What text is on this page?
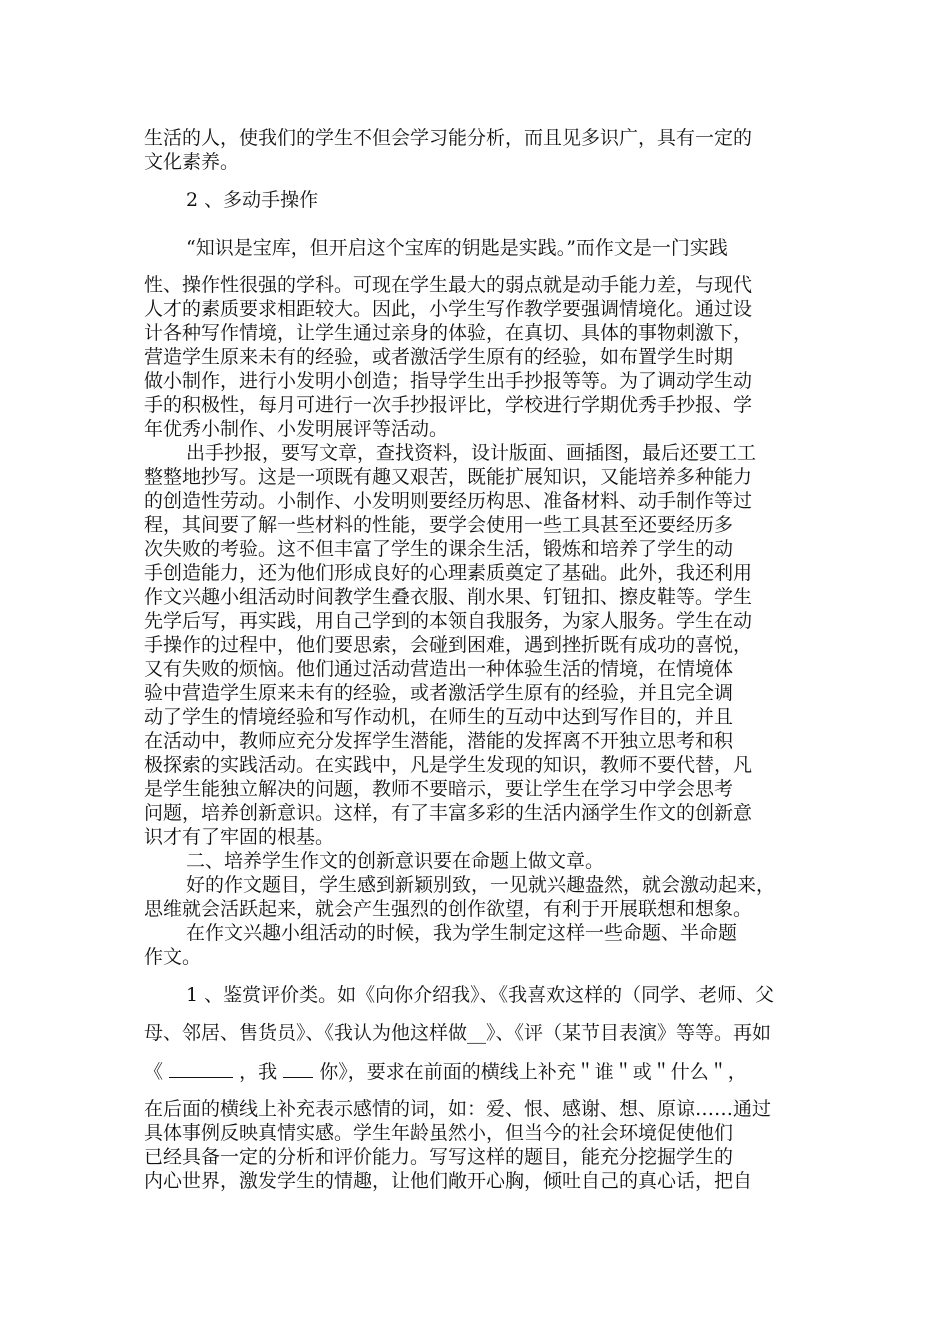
生活的人，使我们的学生不但会学习能分析，而且见多识广，具有一定的
文化素养。
2 、多动手操作
“知识是宝库，但开启这个宝库的钥匙是实践。”而作文是一门实践
性、操作性很强的学科。可现在学生最大的弱点就是动手能力差，与现代
人才的素质要求相距较大。因此，小学生写作教学要强调情境化。通过设
计各种写作情境，让学生通过亲身的体验，在真切、具体的事物刺激下，
营造学生原来未有的经验，或者激活学生原有的经验，如布置学生时期
做小制作，进行小发明小创造；指导学生出手抄报等等。为了调动学生动
手的积极性，每月可进行一次手抄报评比，学校进行学期优秀手抄报、学
年优秀小制作、小发明展评等活动。
出手抄报，要写文章，查找资料，设计版面、画插图，最后还要工工
整整地抄写。这是一项既有趣又艰苦，既能扩展知识，又能培养多种能力
的创造性劳动。小制作、小发明则要经历构思、准备材料、动手制作等过
程，其间要了解一些材料的性能，要学会使用一些工具甚至还要经历多
次失败的考验。这不但丰富了学生的课余生活，锻炼和培养了学生的动
手创造能力，还为他们形成良好的心理素质奠定了基础。此外，我还利用
作文兴趣小组活动时间教学生叠衣服、削水果、钉钮扣、擦皮鞋等。学生
先学后写，再实践，用自己学到的本领自我服务，为家人服务。学生在动
手操作的过程中，他们要思索，会碰到困难，遇到挫折既有成功的喜悦，
又有失败的烦恼。他们通过活动营造出一种体验生活的情境，在情境体
验中营造学生原来未有的经验，或者激活学生原有的经验，并且完全调
动了学生的情境经验和写作动机，在师生的互动中达到写作目的，并且
在活动中，教师应充分发挥学生潜能，潜能的发挥离不开独立思考和积
极探索的实践活动。在实践中，凡是学生发现的知识，教师不要代替，凡
是学生能独立解决的问题，教师不要暗示，要让学生在学习中学会思考
问题，培养创新意识。这样，有了丰富多彩的生活内涵学生作文的创新意
识才有了牢固的根基。
二、培养学生作文的创新意识要在命题上做文章。
好的作文题目，学生感到新颖别致，一见就兴趣盎然，就会激动起来，
思维就会活跃起来，就会产生强烈的创作欲望，有利于开展联想和想象。
在作文兴趣小组活动的时候，我为学生制定这样一些命题、半命题
作文。
1 、鉴赏评价类。如《向你介绍我》、《我喜欢这样的（同学、老师、父
母、邻居、售货员》、《我认为他这样做__》、《评（某节目表演》等等。再如
《	，我 你》，要求在前面的横线上补充＂谁＂或＂什么＂，
在后面的横线上补充表示感情的词，如：爱、恨、感谢、想、原谅……通过
具体事例反映真情实感。学生年龄虽然小，但当今的社会环境促使他们
已经具备一定的分析和评价能力。写写这样的题目，能充分挖掘学生的
内心世界，激发学生的情趣，让他们敞开心胸，倾吐自己的真心话，把自
